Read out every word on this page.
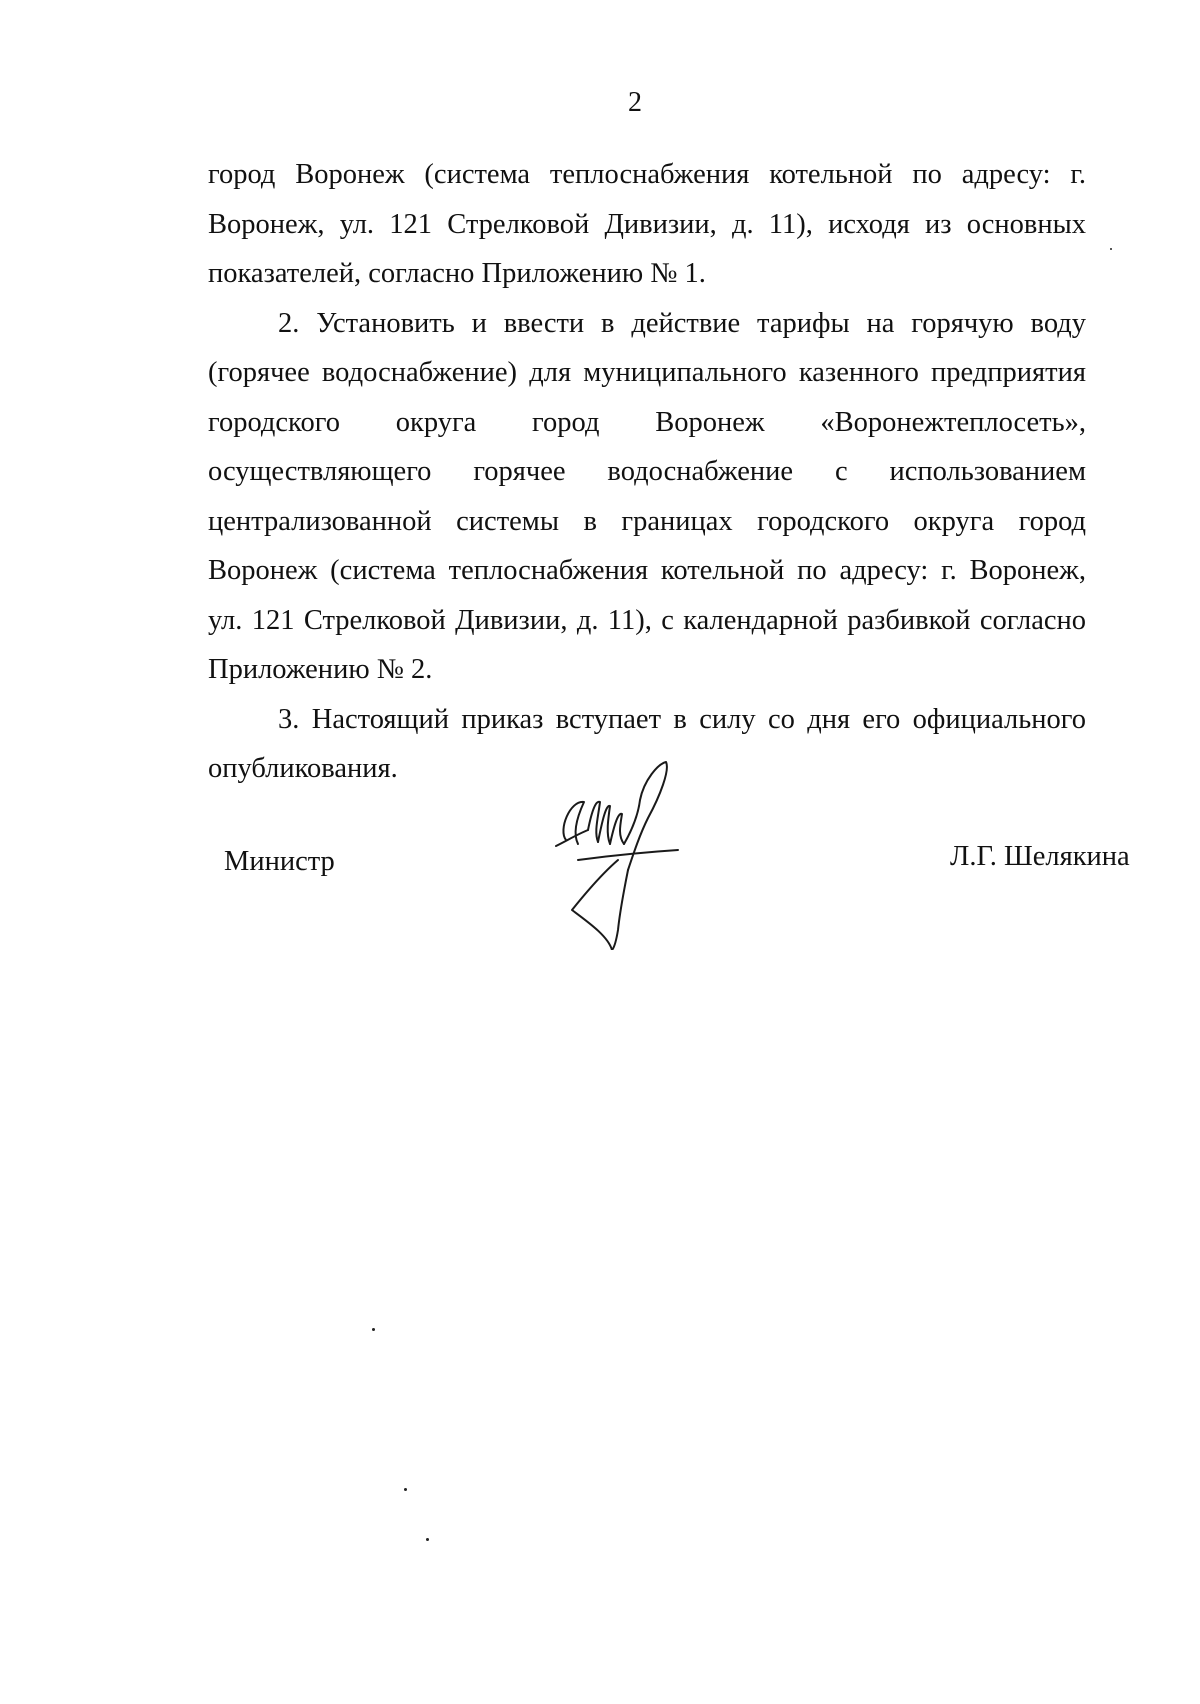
2

город Воронеж (система теплоснабжения котельной по адресу: г. Воронеж, ул. 121 Стрелковой Дивизии, д. 11), исходя из основных показателей, согласно Приложению № 1.

2. Установить и ввести в действие тарифы на горячую воду (горячее водоснабжение) для муниципального казенного предприятия городского округа город Воронеж «Воронежтеплосеть», осуществляющего горячее водоснабжение с использованием централизованной системы в границах городского округа город Воронеж (система теплоснабжения котельной по адресу: г. Воронеж, ул. 121 Стрелковой Дивизии, д. 11), с календарной разбивкой согласно Приложению № 2.

3. Настоящий приказ вступает в силу со дня его официального опубликования.

Министр	Л.Г. Шелякина
